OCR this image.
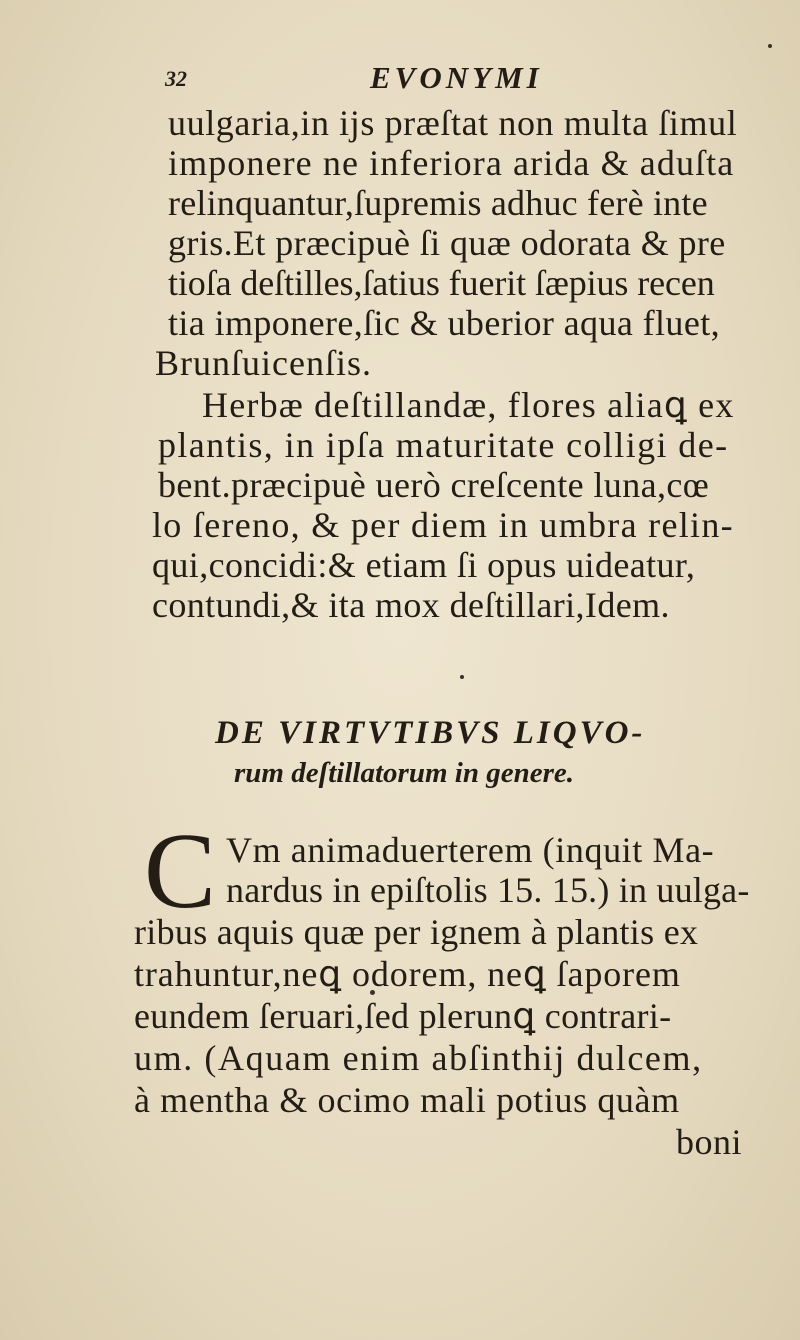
32	EVONYMI
uulgaria,in ijs præſtat non multa ſimul
imponere ne inferiora arida & aduſta
relinquantur,ſupremis adhuc ferè inte
gris.Et præcipuè ſi quæ odorata & pre
tioſa deſtilles,ſatius fuerit ſæpius recen
tia imponere,ſic & uberior aqua fluet,
Brunſuicenſis.
Herbæ deſtillandæ, flores aliaꝗ ex
plantis, in ipſa maturitate colligi de-
bent.præcipuè uerò creſcente luna,cœ
lo ſereno, & per diem in umbra relin-
qui,concidi:& etiam ſi opus uideatur,
contundi,& ita mox deſtillari,Idem.
DE VIRTVTIBVS LIQVO-
rum deſtillatorum in genere.
C Vm animaduerterem (inquit Ma-
nardus in epiſtolis 15. 15.) in uulga-
ribus aquis quæ per ignem à plantis ex
trahuntur,neꝗ odorem, neꝗ ſaporem
eundem ſeruari,ſed plerunꝗ contrari-
um. (Aquam enim abſinthij dulcem,
à mentha & ocimo mali potius quàm
boni
